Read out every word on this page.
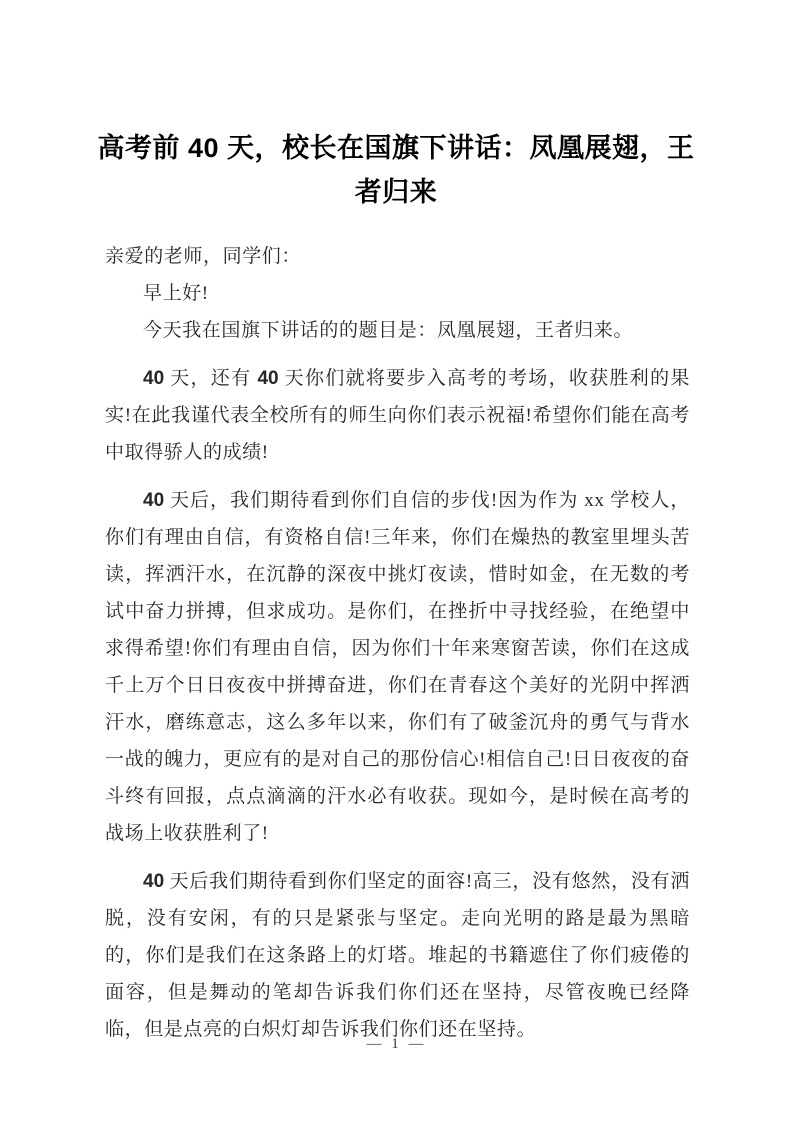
高考前 40 天，校长在国旗下讲话：凤凰展翅，王者归来

亲爱的老师，同学们：

早上好!

今天我在国旗下讲话的的题目是：凤凰展翅，王者归来。

40 天，还有 40 天你们就将要步入高考的考场，收获胜利的果实!在此我谨代表全校所有的师生向你们表示祝福!希望你们能在高考中取得骄人的成绩!

40 天后，我们期待看到你们自信的步伐!因为作为 xx 学校人，你们有理由自信，有资格自信!三年来，你们在燥热的教室里埋头苦读，挥洒汗水，在沉静的深夜中挑灯夜读，惜时如金，在无数的考试中奋力拼搏，但求成功。是你们，在挫折中寻找经验，在绝望中求得希望!你们有理由自信，因为你们十年来寒窗苦读，你们在这成千上万个日日夜夜中拼搏奋进，你们在青春这个美好的光阴中挥洒汗水，磨练意志，这么多年以来，你们有了破釜沉舟的勇气与背水一战的魄力，更应有的是对自己的那份信心!相信自己!日日夜夜的奋斗终有回报，点点滴滴的汗水必有收获。现如今，是时候在高考的战场上收获胜利了!

40 天后我们期待看到你们坚定的面容!高三，没有悠然，没有洒脱，没有安闲，有的只是紧张与坚定。走向光明的路是最为黑暗的，你们是我们在这条路上的灯塔。堆起的书籍遮住了你们疲倦的面容，但是舞动的笔却告诉我们你们还在坚持，尽管夜晚已经降临，但是点亮的白炽灯却告诉我们你们还在坚持。

— 1 —
